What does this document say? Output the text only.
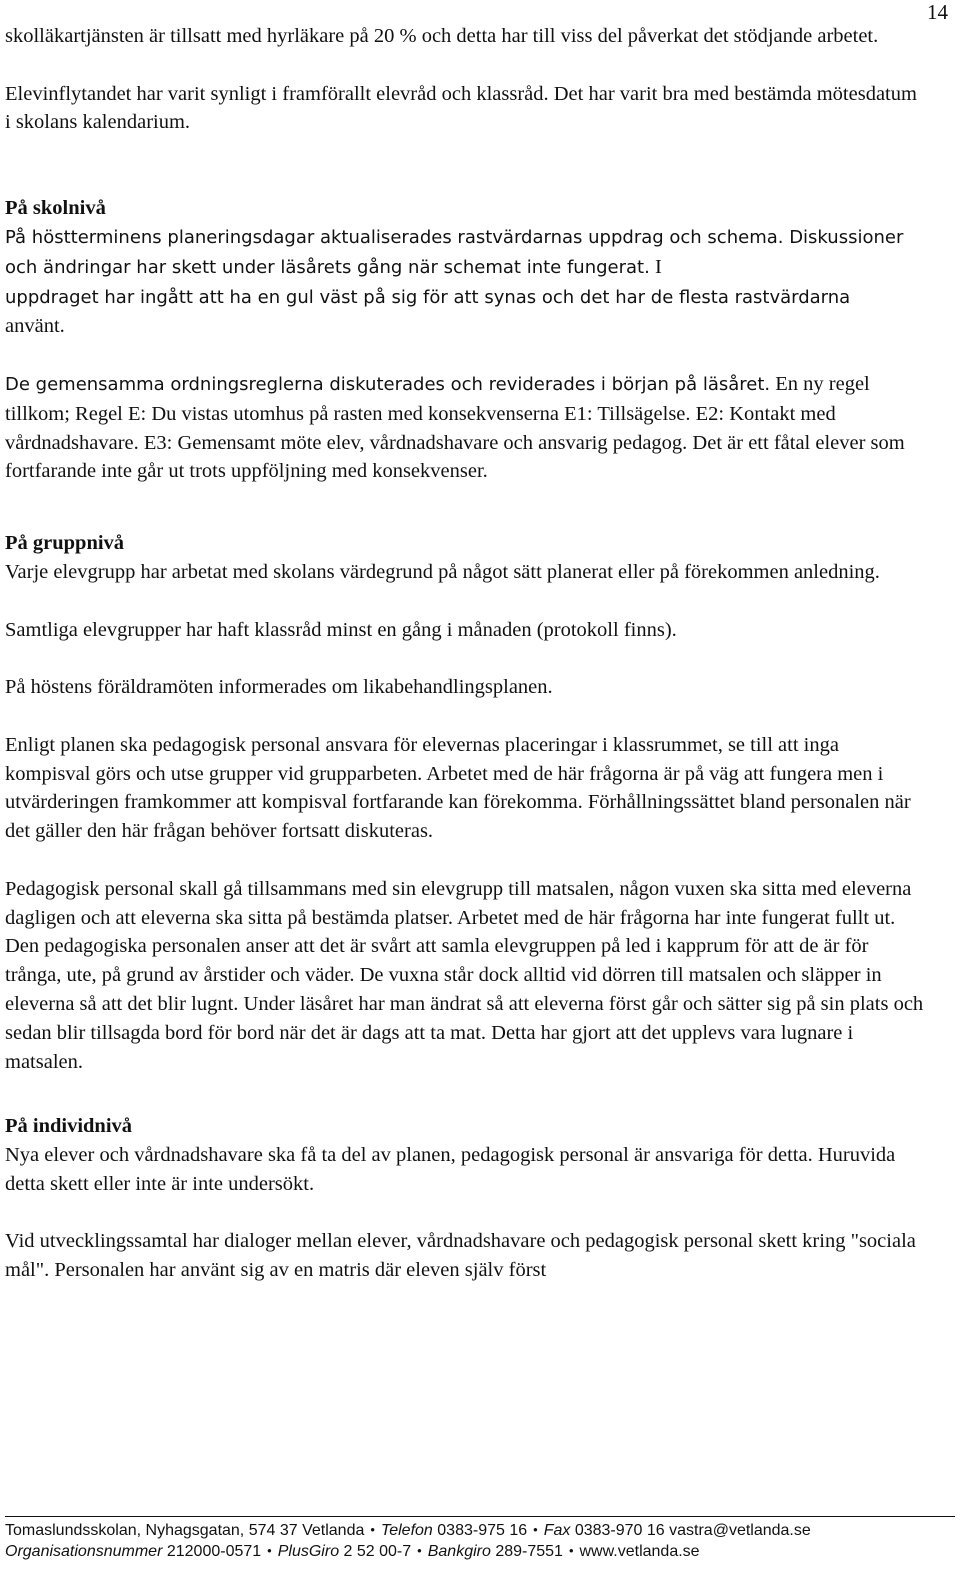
14

skolläkartjänsten är tillsatt med hyrläkare på 20 % och detta har till viss del påverkat det stödjande arbetet.

Elevinflytandet har varit synligt i framförallt elevråd och klassråd. Det har varit bra med bestämda mötesdatum i skolans kalendarium.

På skolnivå

På höstterminens planeringsdagar aktualiserades rastvärdarnas uppdrag och schema. Diskussioner och ändringar har skett under läsårets gång när schemat inte fungerat. I
uppdraget har ingått att ha en gul väst på sig för att synas och det har de flesta rastvärdarna
använt.

De gemensamma ordningsreglerna diskuterades och reviderades i början på läsåret. En ny regel tillkom; Regel E: Du vistas utomhus på rasten med konsekvenserna E1: Tillsägelse. E2: Kontakt med vårdnadshavare. E3: Gemensamt möte elev, vårdnadshavare och ansvarig pedagog. Det är ett fåtal elever som fortfarande inte går ut trots uppföljning med konsekvenser.

På gruppnivå

Varje elevgrupp har arbetat med skolans värdegrund på något sätt planerat eller på förekommen anledning.

Samtliga elevgrupper har haft klassråd minst en gång i månaden (protokoll finns).

På höstens föräldramöten informerades om likabehandlingsplanen.

Enligt planen ska pedagogisk personal ansvara för elevernas placeringar i klassrummet, se till att inga kompisval görs och utse grupper vid grupparbeten. Arbetet med de här frågorna är på väg att fungera men i utvärderingen framkommer att kompisval fortfarande kan förekomma. Förhållningssättet bland personalen när det gäller den här frågan behöver fortsatt diskuteras.

Pedagogisk personal skall gå tillsammans med sin elevgrupp till matsalen, någon vuxen ska sitta med eleverna dagligen och att eleverna ska sitta på bestämda platser. Arbetet med de här frågorna har inte fungerat fullt ut. Den pedagogiska personalen anser att det är svårt att samla elevgruppen på led i kapprum för att de är för trånga, ute, på grund av årstider och väder. De vuxna står dock alltid vid dörren till matsalen och släpper in eleverna så att det blir lugnt. Under läsåret har man ändrat så att eleverna först går och sätter sig på sin plats och sedan blir tillsagda bord för bord när det är dags att ta mat. Detta har gjort att det upplevs vara lugnare i matsalen.

På individnivå

Nya elever och vårdnadshavare ska få ta del av planen, pedagogisk personal är ansvariga för detta. Huruvida detta skett eller inte är inte undersökt.

Vid utvecklingssamtal har dialoger mellan elever, vårdnadshavare och pedagogisk personal skett kring "sociala mål". Personalen har använt sig av en matris där eleven själv först

Tomaslundsskolan, Nyhagsgatan, 574 37 Vetlanda • Telefon 0383-975 16 • Fax 0383-970 16 vastra@vetlanda.se
Organisationsnummer 212000-0571 • PlusGiro 2 52 00-7 • Bankgiro 289-7551 • www.vetlanda.se
